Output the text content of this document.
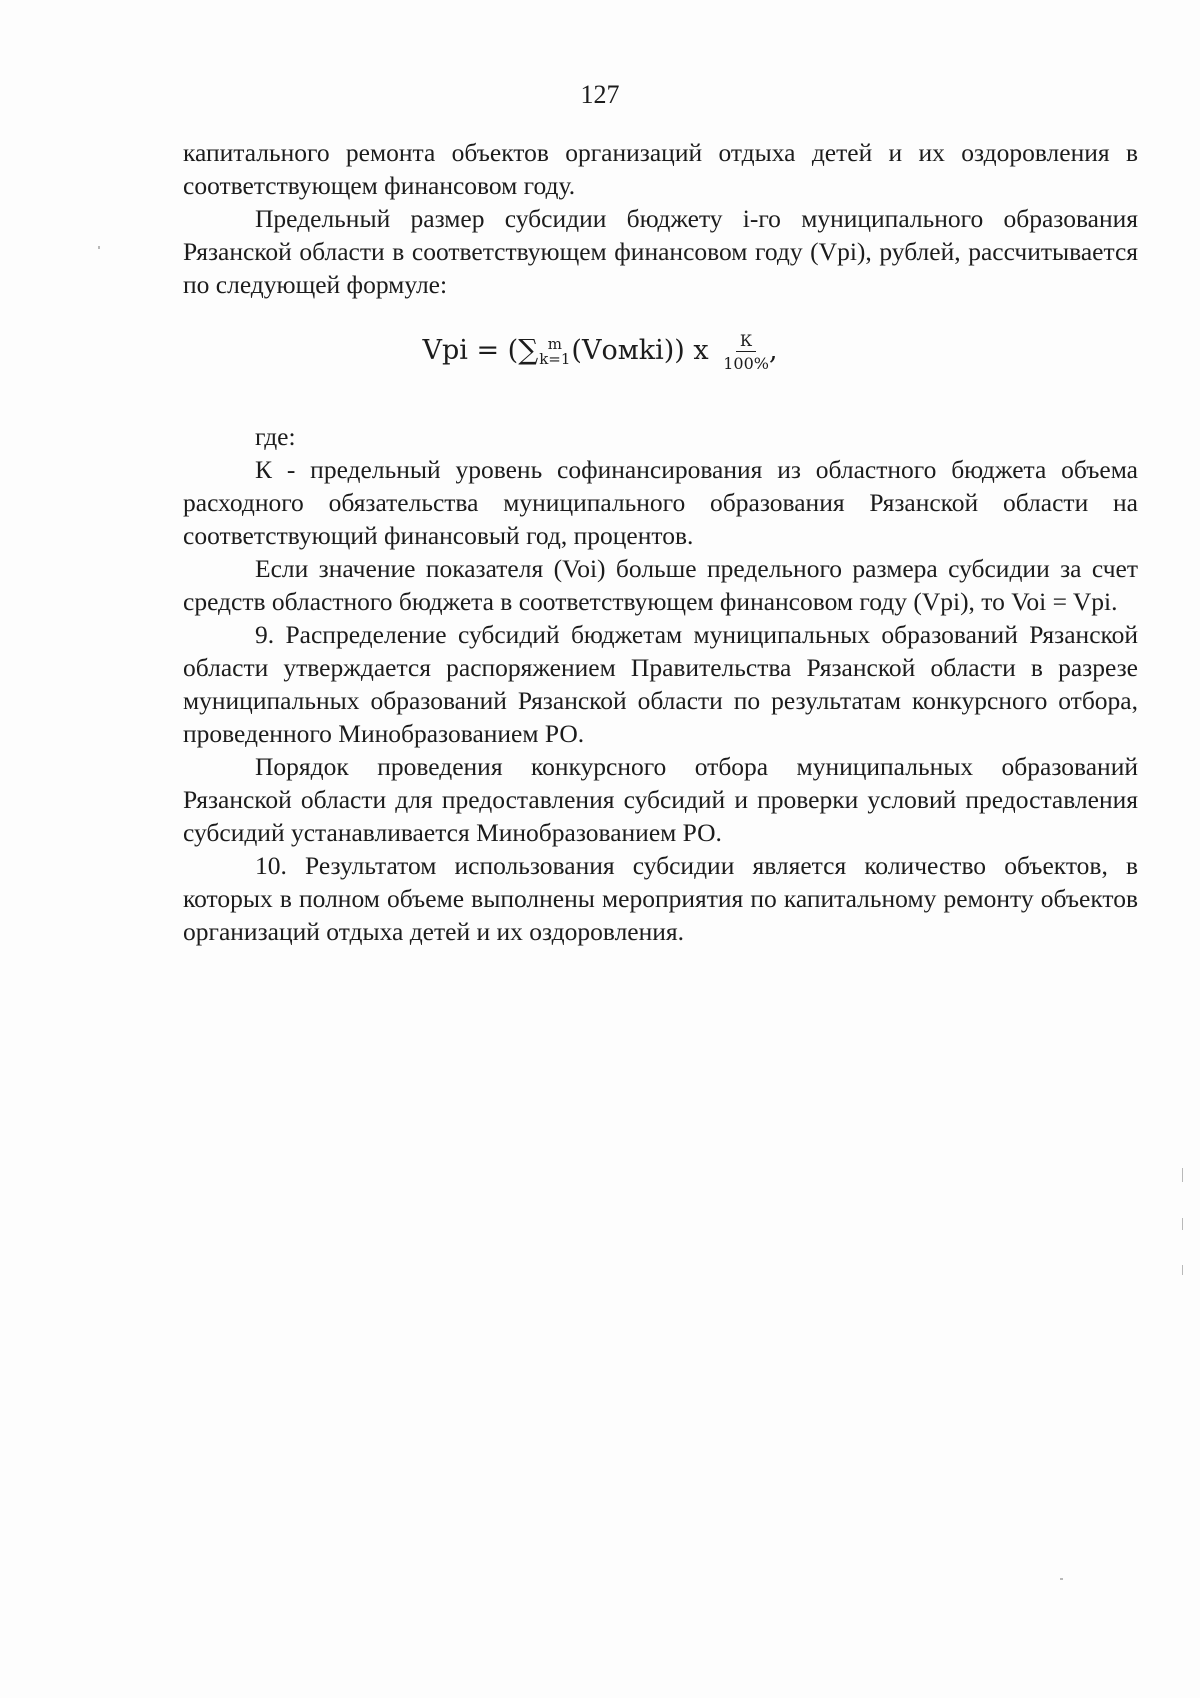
127

капитального ремонта объектов организаций отдыха детей и их оздоровления в соответствующем финансовом году.

Предельный размер субсидии бюджету i-го муниципального образования Рязанской области в соответствующем финансовом году (Vpi), рублей, рассчитывается по следующей формуле:

Vpi = (∑ m
k=1 (Vомki)) x $\frac{К}{100\%}$ ,
где:

К - предельный уровень софинансирования из областного бюджета объема расходного обязательства муниципального образования Рязанской области на соответствующий финансовый год, процентов.

Если значение показателя (Voi) больше предельного размера субсидии за счет средств областного бюджета в соответствующем финансовом году (Vpi), то Voi = Vpi.

9. Распределение субсидий бюджетам муниципальных образований Рязанской области утверждается распоряжением Правительства Рязанской области в разрезе муниципальных образований Рязанской области по результатам конкурсного отбора, проведенного Минобразованием РО.

Порядок проведения конкурсного отбора муниципальных образований Рязанской области для предоставления субсидий и проверки условий предоставления субсидий устанавливается Минобразованием РО.

10. Результатом использования субсидии является количество объектов, в которых в полном объеме выполнены мероприятия по капитальному ремонту объектов организаций отдыха детей и их оздоровления.
